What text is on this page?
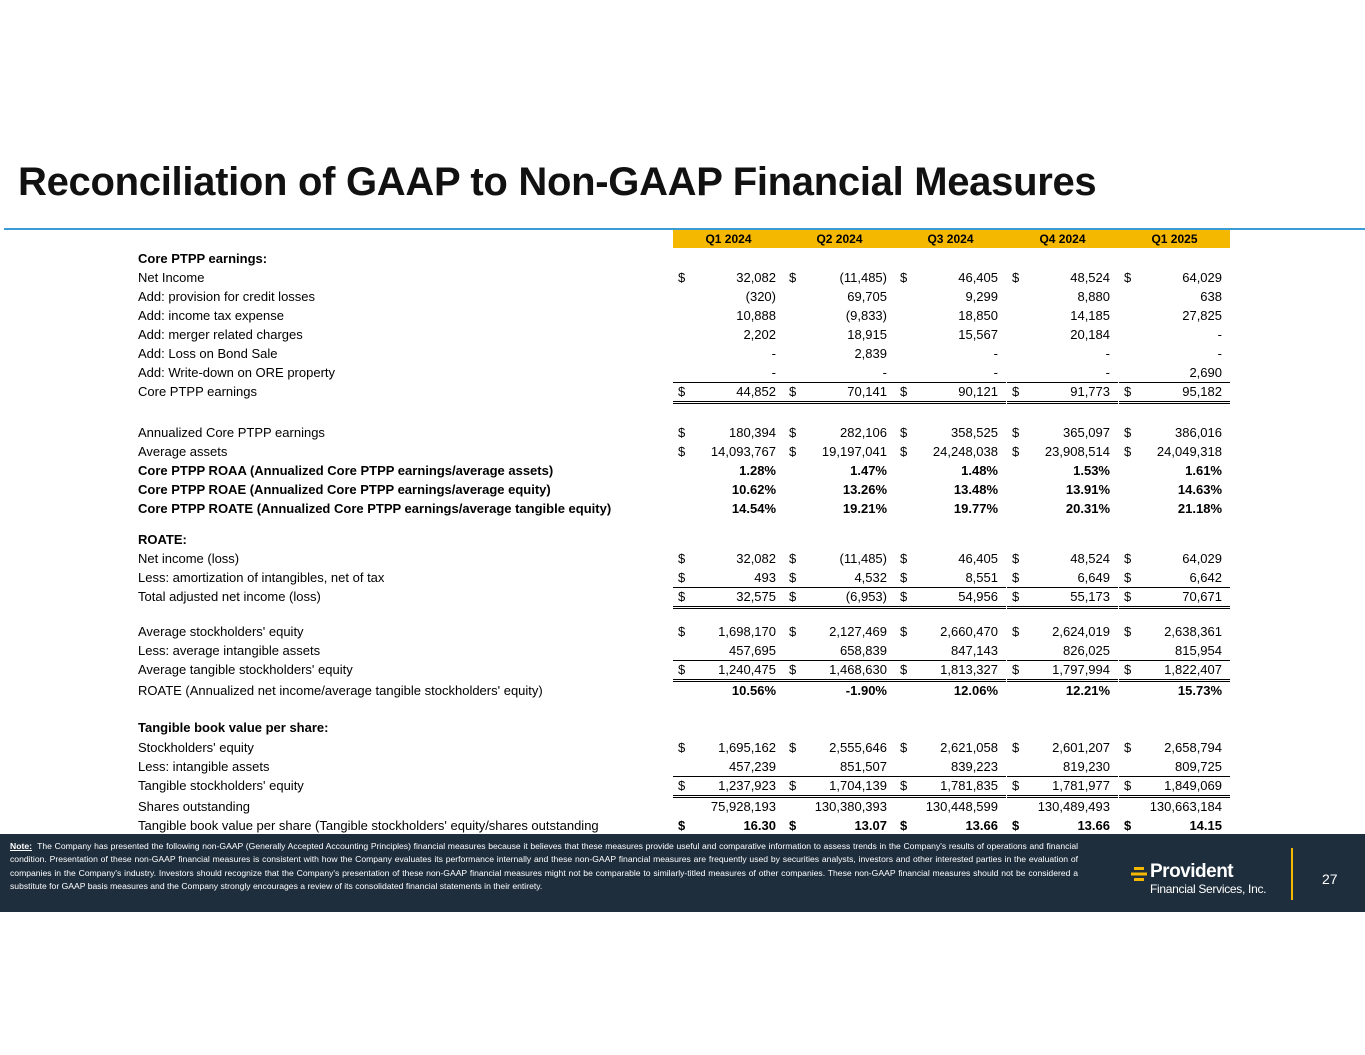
Reconciliation of GAAP to Non-GAAP Financial Measures
Q1 2024	Q2 2024	Q3 2024	Q4 2024	Q1 2025
Core PTPP earnings:
Net Income	$	32,082 $	(11,485) $	46,405 $	48,524 $	64,029
Add: provision for credit losses	(320)	69,705	9,299	8,880	638
Add: income tax expense	10,888	(9,833)	18,850	14,185	27,825
Add: merger related charges	2,202	18,915	15,567	20,184	-
Add: Loss on Bond Sale	-	2,839	-	-	-
Add: Write-down on ORE property	-	-	-	-	2,690
Core PTPP earnings	$	44,852 $	70,141 $	90,121 $	91,773 $	95,182
Annualized Core PTPP earnings	$	180,394 $	282,106 $	358,525 $	365,097 $	386,016
Average assets	$ 14,093,767 $ 19,197,041 $ 24,248,038 $ 23,908,514 $ 24,049,318
Core PTPP ROAA (Annualized Core PTPP earnings/average assets)	1.28%	1.47%	1.48%	1.53%	1.61%
Core PTPP ROAE (Annualized Core PTPP earnings/average equity)	10.62%	13.26%	13.48%	13.91%	14.63%
Core PTPP ROATE (Annualized Core PTPP earnings/average tangible equity)	14.54%	19.21%	19.77%	20.31%	21.18%
ROATE:
Net income (loss)	$	32,082 $	(11,485) $	46,405 $	48,524 $	64,029
Less: amortization of intangibles, net of tax	$	493 $	4,532 $	8,551 $	6,649 $	6,642
Total adjusted net income (loss)	$	32,575 $	(6,953) $	54,956 $	55,173 $	70,671
Average stockholders' equity	$	1,698,170 $	2,127,469 $	2,660,470 $	2,624,019 $	2,638,361
Less: average intangible assets	457,695	658,839	847,143	826,025	815,954
Average tangible stockholders' equity	$	1,240,475 $	1,468,630 $	1,813,327 $	1,797,994 $	1,822,407
ROATE (Annualized net income/average tangible stockholders' equity)	10.56%	-1.90%	12.06%	12.21%	15.73%
Tangible book value per share:
Stockholders' equity	$	1,695,162 $	2,555,646 $	2,621,058 $	2,601,207 $	2,658,794
Less: intangible assets	457,239	851,507	839,223	819,230	809,725
Tangible stockholders' equity	$	1,237,923 $	1,704,139 $	1,781,835 $	1,781,977 $	1,849,069
Shares outstanding	75,928,193	130,380,393	130,448,599	130,489,493	130,663,184
Tangible book value per share (Tangible stockholders' equity/shares outstanding	$	16.30 $	13.07 $	13.66 $	13.66 $	14.15
Note: The Company has presented the following non-GAAP (Generally Accepted Accounting Principles) financial measures because it believes that these measures provide useful and comparative information to assess trends in the Company's results of operations and financial condition. Presentation of these non-GAAP financial measures is consistent with how the Company evaluates its performance internally and these non-GAAP financial measures are frequently used by securities analysts, investors and other interested parties in the evaluation of companies in the Company's industry. Investors should recognize that the Company's presentation of these non-GAAP financial measures might not be comparable to similarly-titled measures of other companies. These non-GAAP financial measures should not be considered a substitute for GAAP basis measures and the Company strongly encourages a review of its consolidated financial statements in their entirety.
Provident
Financial Services, Inc.
27
